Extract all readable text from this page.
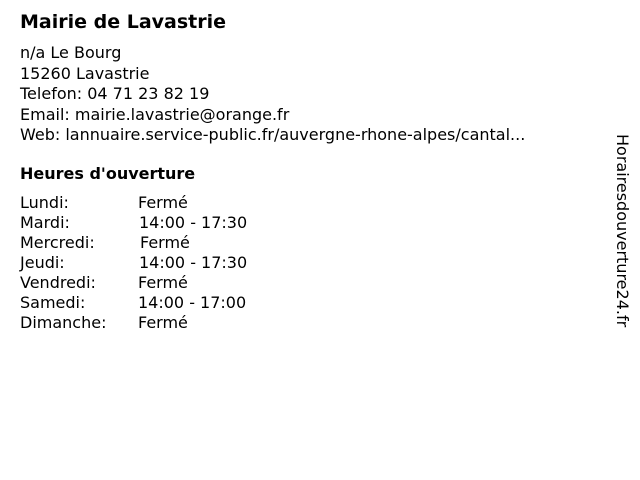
Mairie de Lavastrie
n/a Le Bourg
15260 Lavastrie
Telefon: 04 71 23 82 19
Email: mairie.lavastrie@orange.fr
Web: lannuaire.service-public.fr/auvergne-rhone-alpes/cantal...
Heures d'ouverture
Lundi:	Fermé
Mardi:	14:00 - 17:30
Mercredi:	Fermé
Jeudi:	14:00 - 17:30
Vendredi:	Fermé
Samedi:	14:00 - 17:00
Dimanche: Fermé	Horairesdouverture24.fr
